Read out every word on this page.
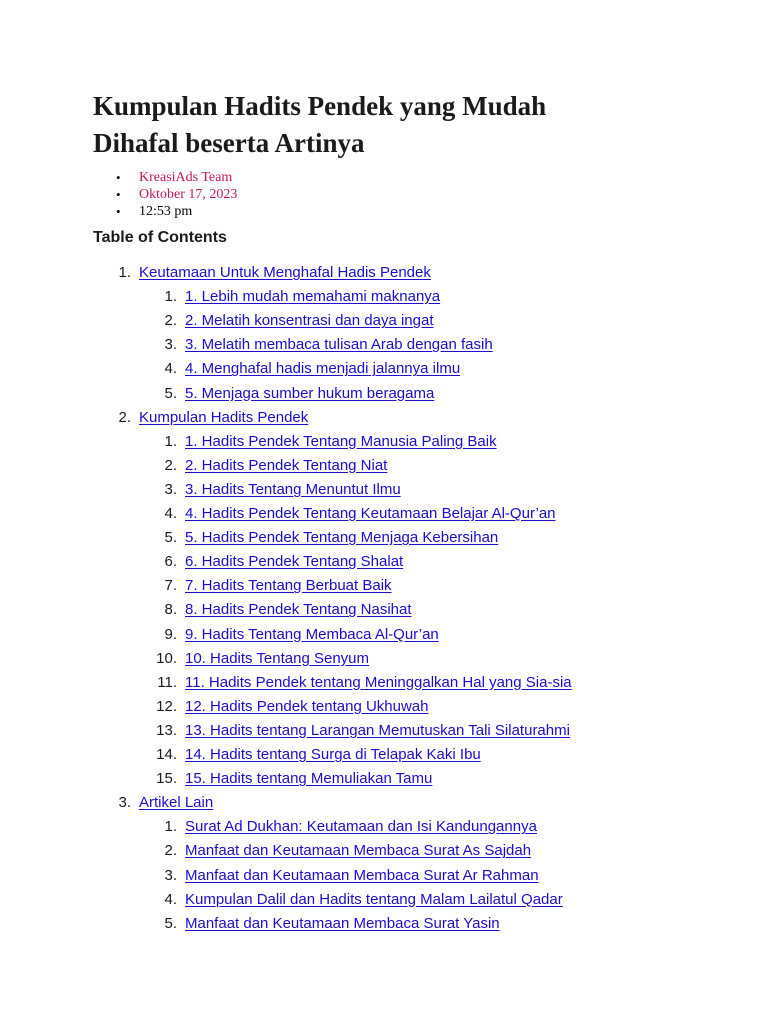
Kumpulan Hadits Pendek yang Mudah
Dihafal beserta Artinya
• KreasiAds Team
• Oktober 17, 2023
• 12:53 pm
Table of Contents
1. Keutamaan Untuk Menghafal Hadis Pendek
1. 1. Lebih mudah memahami maknanya
2. 2. Melatih konsentrasi dan daya ingat
3. 3. Melatih membaca tulisan Arab dengan fasih
4. 4. Menghafal hadis menjadi jalannya ilmu
5. 5. Menjaga sumber hukum beragama
2. Kumpulan Hadits Pendek
1. 1. Hadits Pendek Tentang Manusia Paling Baik
2. 2. Hadits Pendek Tentang Niat
3. 3. Hadits Tentang Menuntut Ilmu
4. 4. Hadits Pendek Tentang Keutamaan Belajar Al-Qur’an
5. 5. Hadits Pendek Tentang Menjaga Kebersihan
6. 6. Hadits Pendek Tentang Shalat
7. 7. Hadits Tentang Berbuat Baik
8. 8. Hadits Pendek Tentang Nasihat
9. 9. Hadits Tentang Membaca Al-Qur’an
10. 10. Hadits Tentang Senyum
11. 11. Hadits Pendek tentang Meninggalkan Hal yang Sia-sia
12. 12. Hadits Pendek tentang Ukhuwah
13. 13. Hadits tentang Larangan Memutuskan Tali Silaturahmi
14. 14. Hadits tentang Surga di Telapak Kaki Ibu
15. 15. Hadits tentang Memuliakan Tamu
3. Artikel Lain
1. Surat Ad Dukhan: Keutamaan dan Isi Kandungannya
2. Manfaat dan Keutamaan Membaca Surat As Sajdah
3. Manfaat dan Keutamaan Membaca Surat Ar Rahman
4. Kumpulan Dalil dan Hadits tentang Malam Lailatul Qadar
5. Manfaat dan Keutamaan Membaca Surat Yasin
